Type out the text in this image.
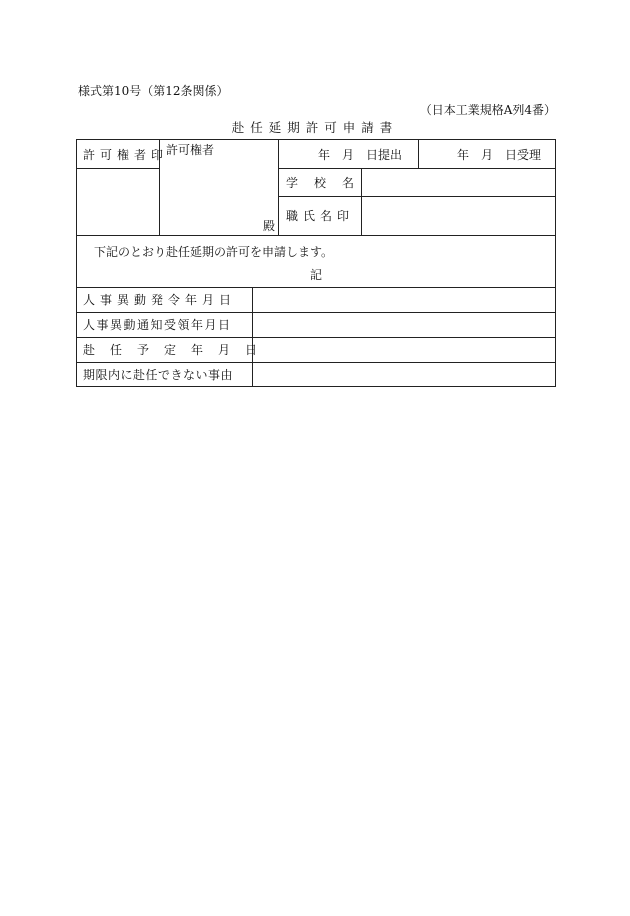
様式第10号（第12条関係）
（日本工業規格A列4番）
赴任延期許可申請書
許可権者印
許可権者
殿
年　月　日提出	年　月　日受理
学校名
職氏名印
下記のとおり赴任延期の許可を申請します。
記
人事異動発令年月日
人事異動通知受領年月日
赴任予定年月日
期限内に赴任できない事由
